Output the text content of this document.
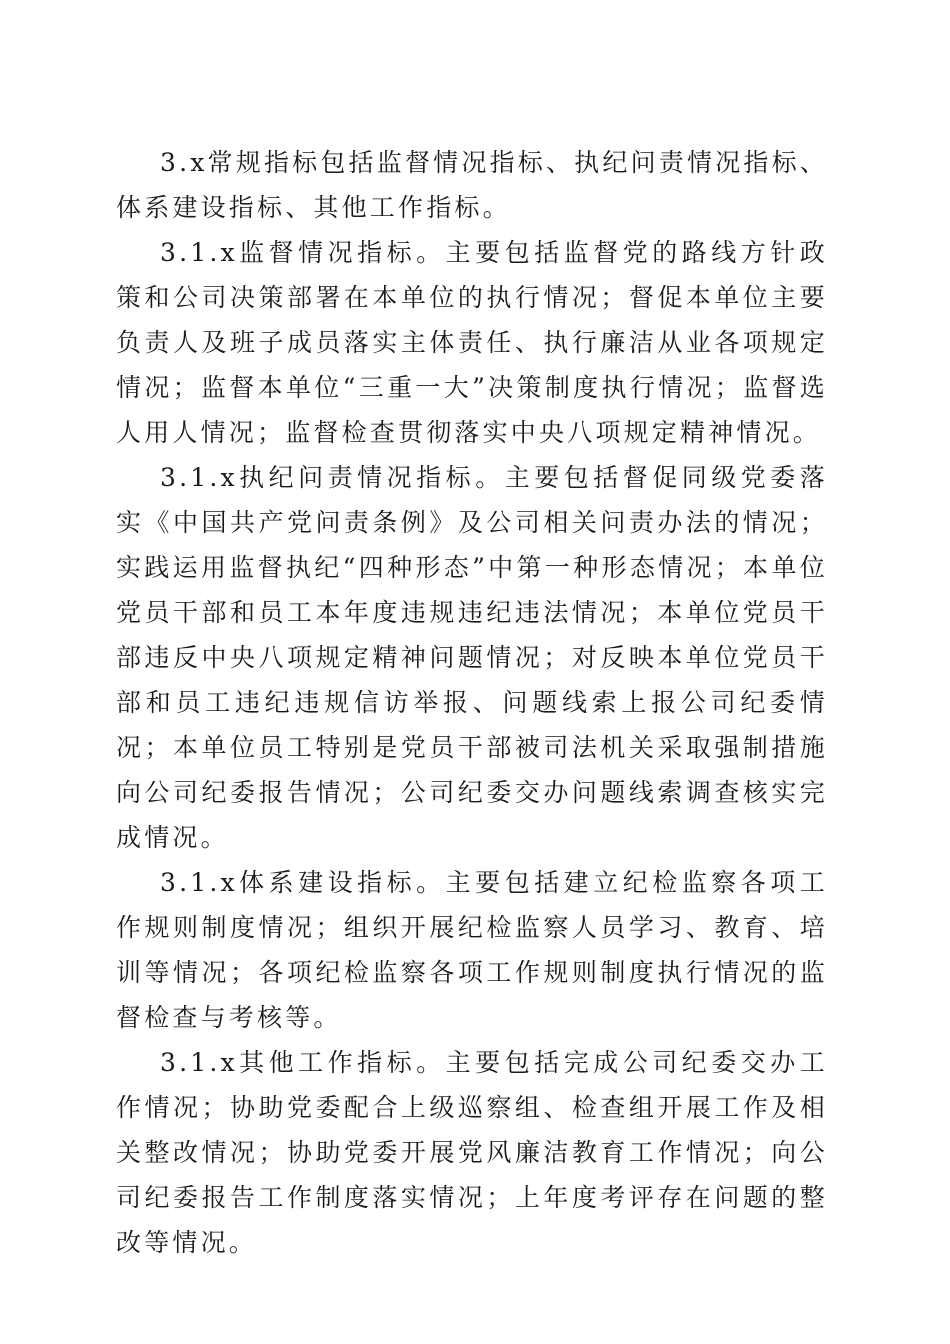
3.x常规指标包括监督情况指标、执纪问责情况指标、体系建设指标、其他工作指标。

3.1.x监督情况指标。主要包括监督党的路线方针政策和公司决策部署在本单位的执行情况；督促本单位主要负责人及班子成员落实主体责任、执行廉洁从业各项规定情况；监督本单位“三重一大”决策制度执行情况；监督选人用人情况；监督检查贯彻落实中央八项规定精神情况。

3.1.x执纪问责情况指标。主要包括督促同级党委落实《中国共产党问责条例》及公司相关问责办法的情况；实践运用监督执纪“四种形态”中第一种形态情况；本单位党员干部和员工本年度违规违纪违法情况；本单位党员干部违反中央八项规定精神问题情况；对反映本单位党员干部和员工违纪违规信访举报、问题线索上报公司纪委情况；本单位员工特别是党员干部被司法机关采取强制措施向公司纪委报告情况；公司纪委交办问题线索调查核实完成情况。

3.1.x体系建设指标。主要包括建立纪检监察各项工作规则制度情况；组织开展纪检监察人员学习、教育、培训等情况；各项纪检监察各项工作规则制度执行情况的监督检查与考核等。

3.1.x其他工作指标。主要包括完成公司纪委交办工作情况；协助党委配合上级巡察组、检查组开展工作及相关整改情况；协助党委开展党风廉洁教育工作情况；向公司纪委报告工作制度落实情况；上年度考评存在问题的整改等情况。
